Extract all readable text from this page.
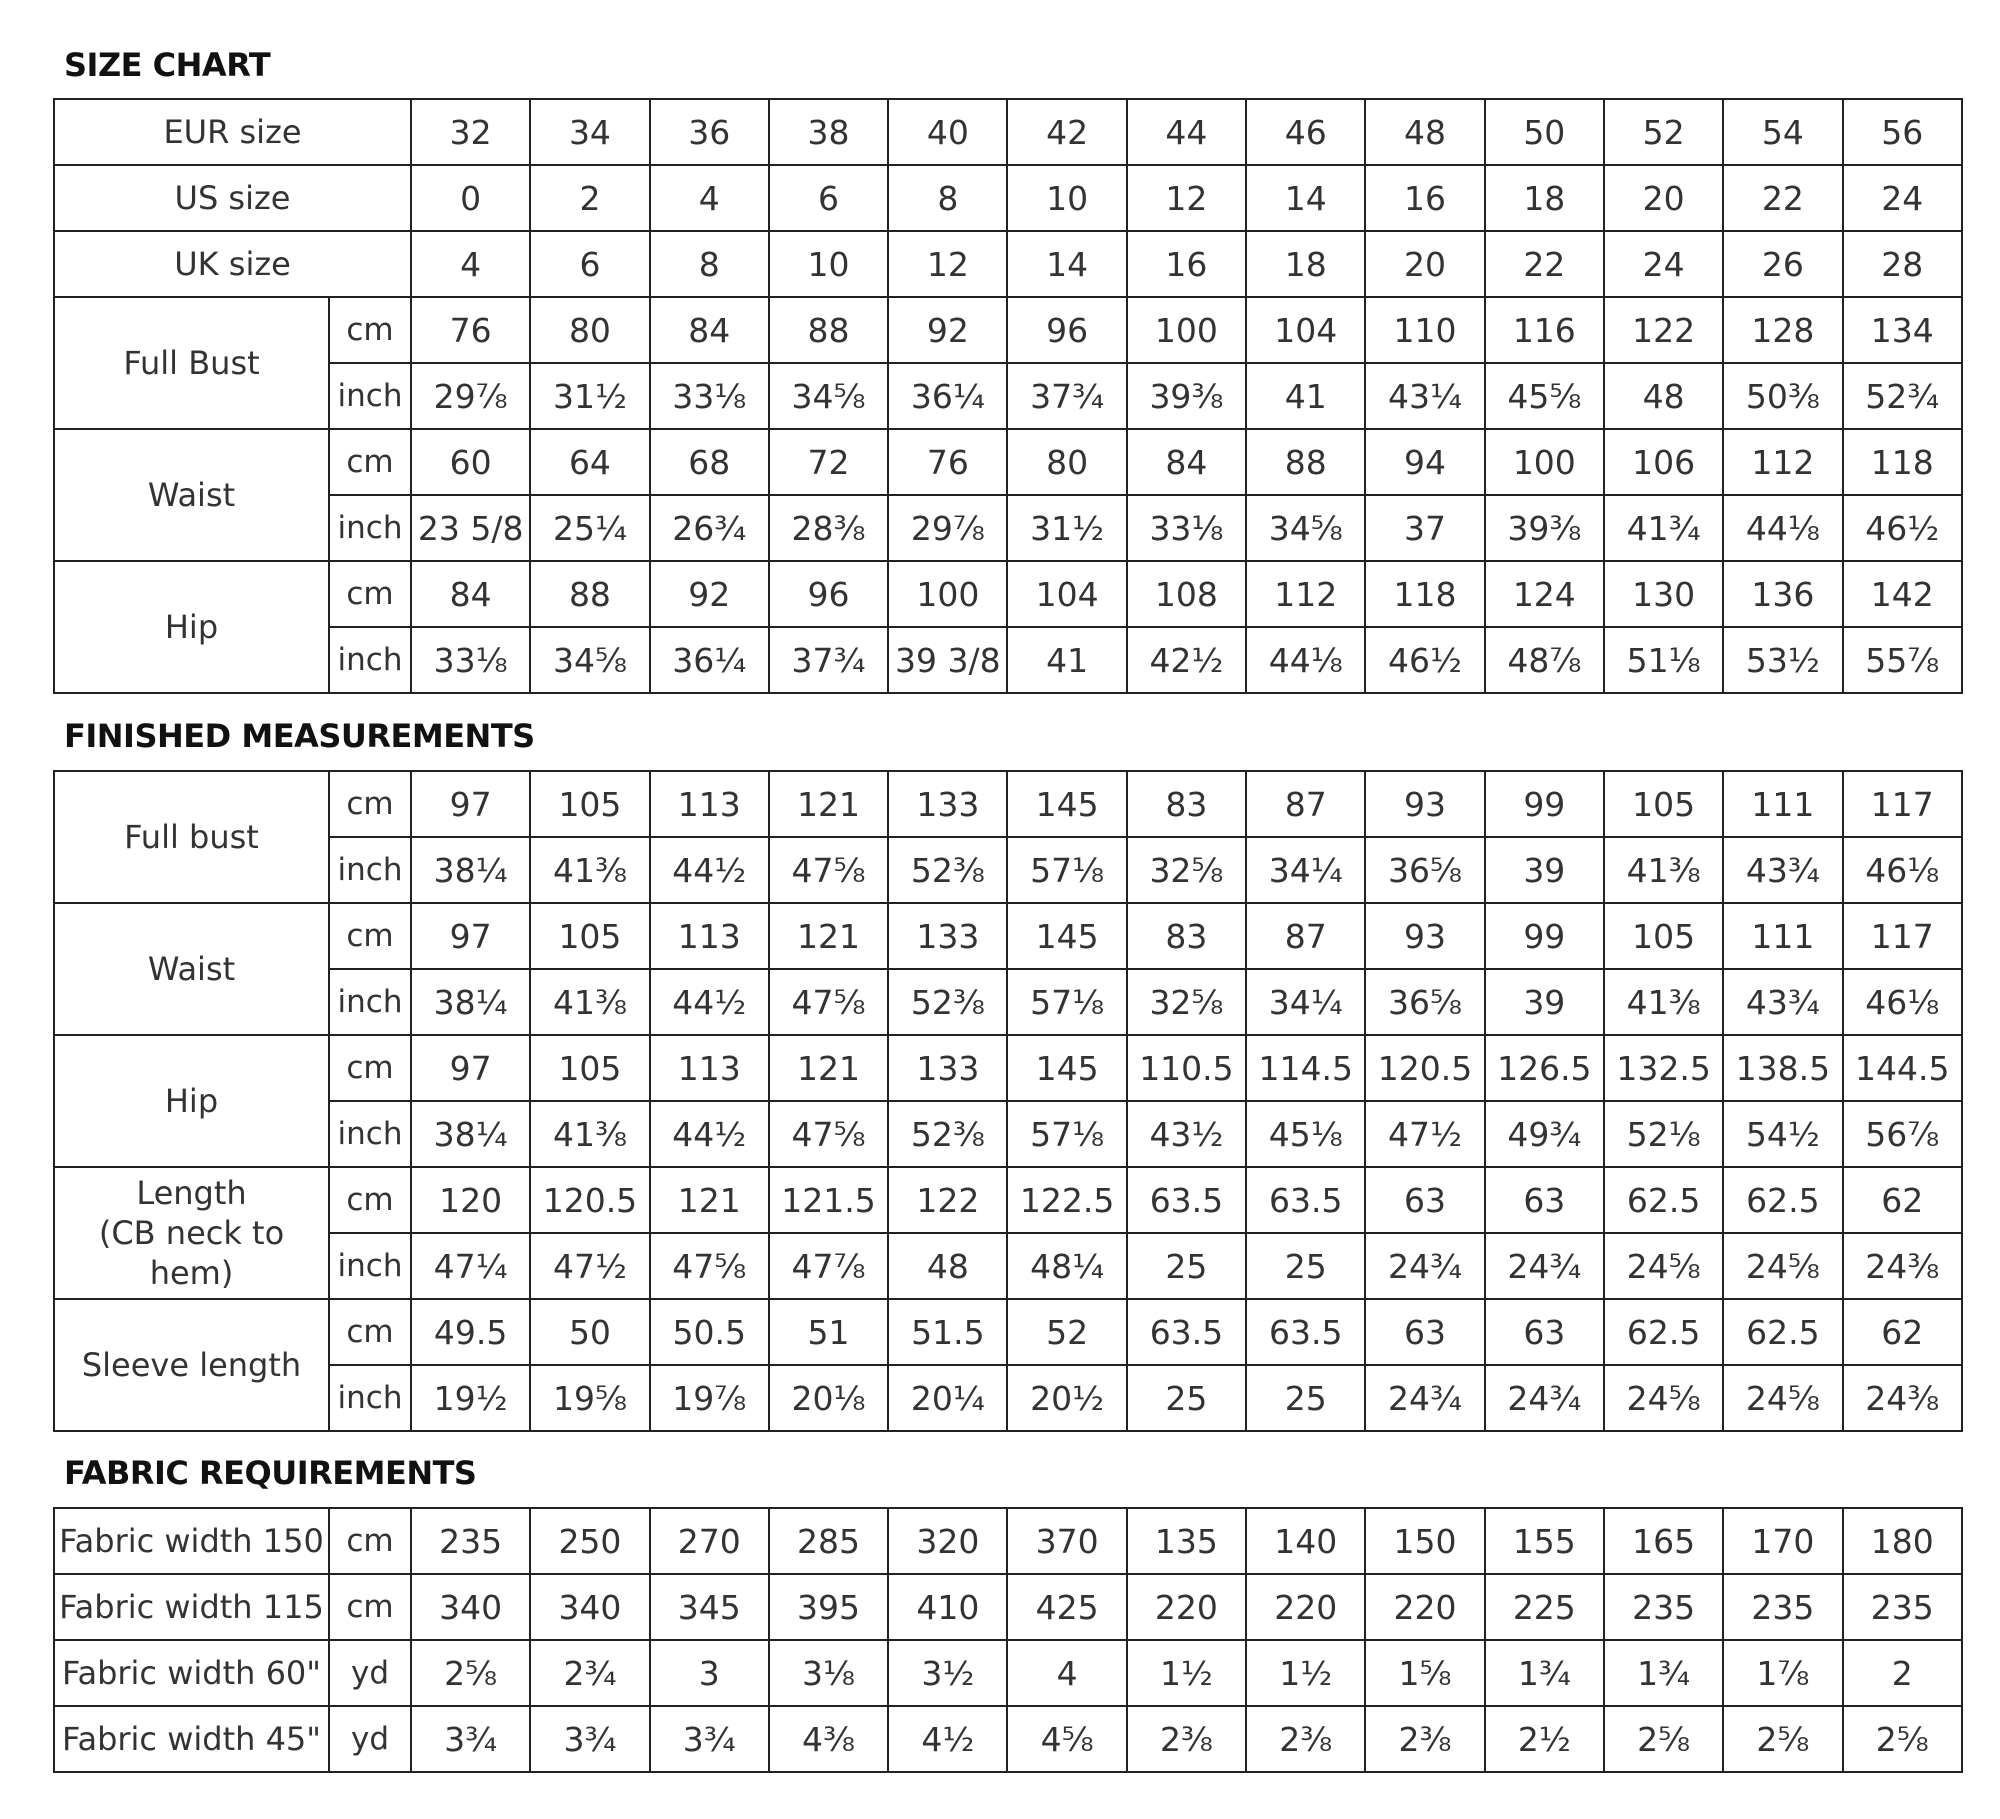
SIZE CHART
EUR size		32	34	36	38	40	42	44	46	48	50	52	54	56
US size		0	2	4	6	8	10	12	14	16	18	20	22	24
UK size		4	6	8	10	12	14	16	18	20	22	24	26	28

Full Bust	cm	76	80	84	88	92	96	100	104	110	116	122	128	134
	inch	29⅞	31½	33⅛	34⅝	36¼	37¾	39⅜	41	43¼	45⅝	48	50⅜	52¾

Waist	cm	60	64	68	72	76	80	84	88	94	100	106	112	118
	inch	23 5/8	25¼	26¾	28⅜	29⅞	31½	33⅛	34⅝	37	39⅜	41¾	44⅛	46½

Hip	cm	84	88	92	96	100	104	108	112	118	124	130	136	142
	inch	33⅛	34⅝	36¼	37¾	39 3/8	41	42½	44⅛	46½	48⅞	51⅛	53½	55⅞
FINISHED MEASUREMENTS
Full bust	cm	97	105	113	121	133	145	83	87	93	99	105	111	117
	inch	38¼	41⅜	44½	47⅝	52⅜	57⅛	32⅝	34¼	36⅝	39	41⅜	43¾	46⅛

Waist	cm	97	105	113	121	133	145	83	87	93	99	105	111	117
	inch	38¼	41⅜	44½	47⅝	52⅜	57⅛	32⅝	34¼	36⅝	39	41⅜	43¾	46⅛

Hip	cm	97	105	113	121	133	145	110.5	114.5	120.5	126.5	132.5	138.5	144.5
	inch	38¼	41⅜	44½	47⅝	52⅜	57⅛	43½	45⅛	47½	49¾	52⅛	54½	56⅞

Length
(CB neck to hem)	cm	120	120.5	121	121.5	122	122.5	63.5	63.5	63	63	62.5	62.5	62
	inch	47¼	47½	47⅝	47⅞	48	48¼	25	25	24¾	24¾	24⅝	24⅝	24⅜

Sleeve length	cm	49.5	50	50.5	51	51.5	52	63.5	63.5	63	63	62.5	62.5	62
	inch	19½	19⅝	19⅞	20⅛	20¼	20½	25	25	24¾	24¾	24⅝	24⅝	24⅜
FABRIC REQUIREMENTS
Fabric width 150	cm	235	250	270	285	320	370	135	140	150	155	165	170	180
Fabric width 115	cm	340	340	345	395	410	425	220	220	220	225	235	235	235
Fabric width 60"	yd	2⅝	2¾	3	3⅛	3½	4	1½	1½	1⅝	1¾	1¾	1⅞	2
Fabric width 45"	yd	3¾	3¾	3¾	4⅜	4½	4⅝	2⅜	2⅜	2⅜	2½	2⅝	2⅝	2⅝
